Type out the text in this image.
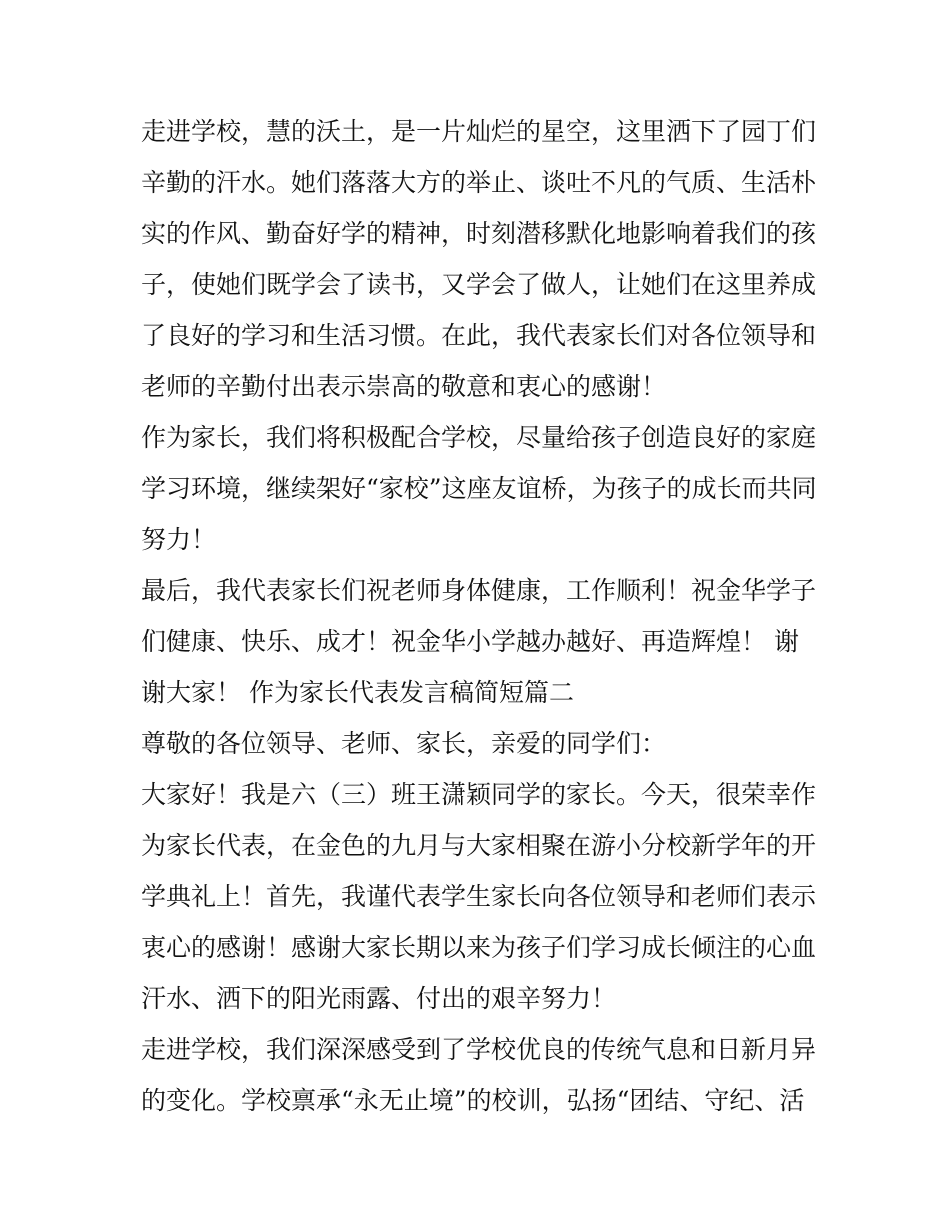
走进学校，慧的沃土，是一片灿烂的星空，这里洒下了园丁们
辛勤的汗水。她们落落大方的举止、谈吐不凡的气质、生活朴
实的作风、勤奋好学的精神，时刻潜移默化地影响着我们的孩
子，使她们既学会了读书，又学会了做人，让她们在这里养成
了良好的学习和生活习惯。在此，我代表家长们对各位领导和
老师的辛勤付出表示崇高的敬意和衷心的感谢！
作为家长，我们将积极配合学校，尽量给孩子创造良好的家庭
学习环境，继续架好“家校”这座友谊桥，为孩子的成长而共同
努力！
最后，我代表家长们祝老师身体健康，工作顺利！祝金华学子
们健康、快乐、成才！祝金华小学越办越好、再造辉煌！ 谢
谢大家！ 作为家长代表发言稿简短篇二
尊敬的各位领导、老师、家长，亲爱的同学们：
大家好！我是六（三）班王潇颖同学的家长。今天，很荣幸作
为家长代表，在金色的九月与大家相聚在游小分校新学年的开
学典礼上！首先，我谨代表学生家长向各位领导和老师们表示
衷心的感谢！感谢大家长期以来为孩子们学习成长倾注的心血
汗水、洒下的阳光雨露、付出的艰辛努力！
走进学校，我们深深感受到了学校优良的传统气息和日新月异
的变化。学校禀承“永无止境”的校训，弘扬“团结、守纪、活
